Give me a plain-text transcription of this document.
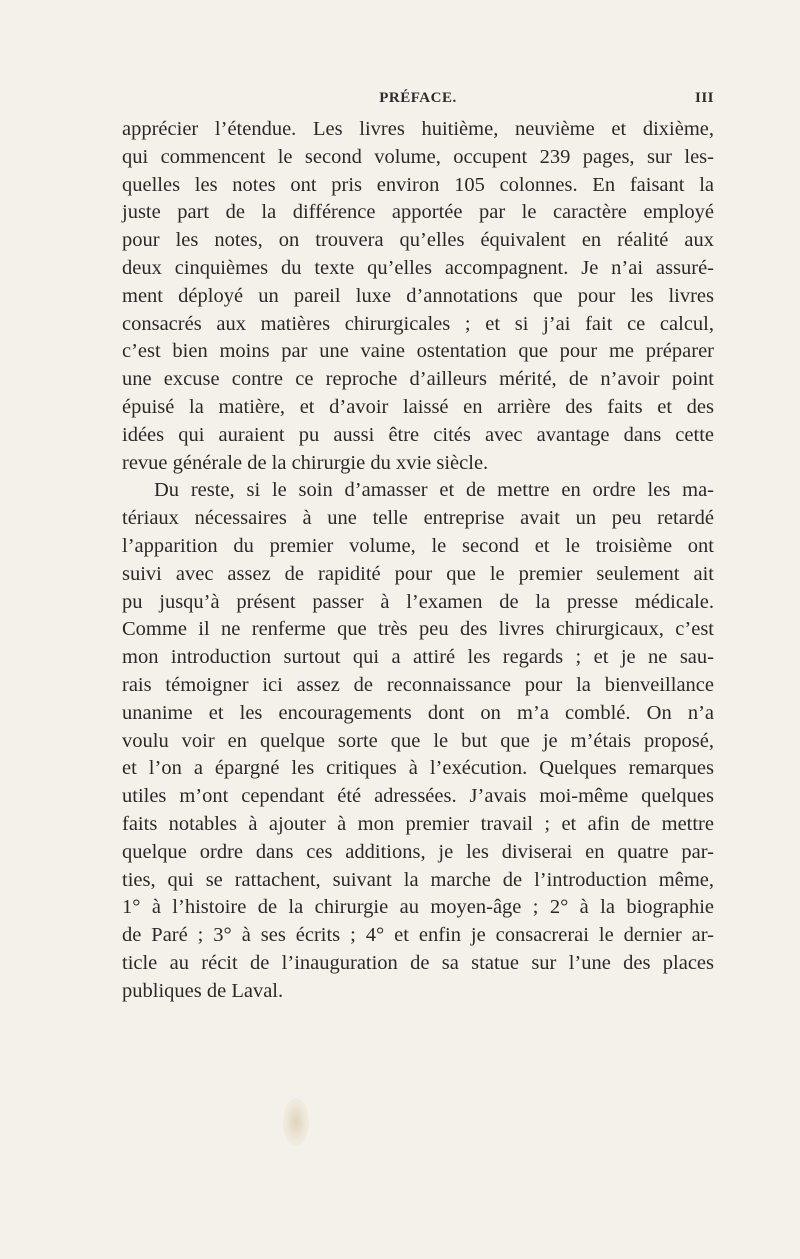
PRÉFACE.	III
apprécier l’étendue. Les livres huitième, neuvième et dixième,
qui commencent le second volume, occupent 239 pages, sur les-
quelles les notes ont pris environ 105 colonnes. En faisant la
juste part de la différence apportée par le caractère employé
pour les notes, on trouvera qu’elles équivalent en réalité aux
deux cinquièmes du texte qu’elles accompagnent. Je n’ai assuré-
ment déployé un pareil luxe d’annotations que pour les livres
consacrés aux matières chirurgicales ; et si j’ai fait ce calcul,
c’est bien moins par une vaine ostentation que pour me préparer
une excuse contre ce reproche d’ailleurs mérité, de n’avoir point
épuisé la matière, et d’avoir laissé en arrière des faits et des
idées qui auraient pu aussi être cités avec avantage dans cette
revue générale de la chirurgie du xvie siècle.
Du reste, si le soin d’amasser et de mettre en ordre les ma-
tériaux nécessaires à une telle entreprise avait un peu retardé
l’apparition du premier volume, le second et le troisième ont
suivi avec assez de rapidité pour que le premier seulement ait
pu jusqu’à présent passer à l’examen de la presse médicale.
Comme il ne renferme que très peu des livres chirurgicaux, c’est
mon introduction surtout qui a attiré les regards ; et je ne sau-
rais témoigner ici assez de reconnaissance pour la bienveillance
unanime et les encouragements dont on m’a comblé. On n’a
voulu voir en quelque sorte que le but que je m’étais proposé,
et l’on a épargné les critiques à l’exécution. Quelques remarques
utiles m’ont cependant été adressées. J’avais moi-même quelques
faits notables à ajouter à mon premier travail ; et afin de mettre
quelque ordre dans ces additions, je les diviserai en quatre par-
ties, qui se rattachent, suivant la marche de l’introduction même,
1° à l’histoire de la chirurgie au moyen-âge ; 2° à la biographie
de Paré ; 3° à ses écrits ; 4° et enfin je consacrerai le dernier ar-
ticle au récit de l’inauguration de sa statue sur l’une des places
publiques de Laval.
